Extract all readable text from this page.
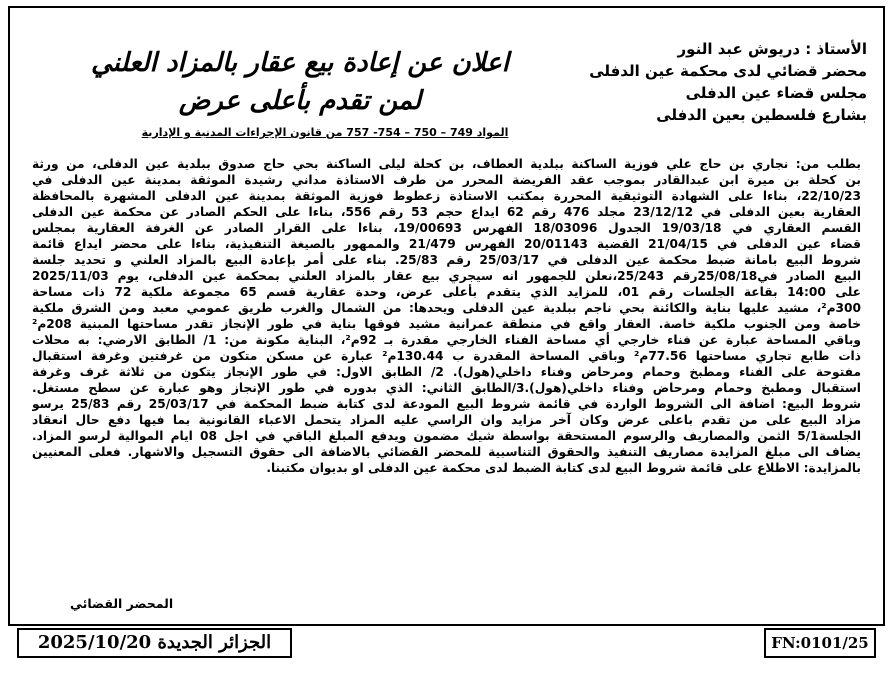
الأستاذ : دريوش عبد النور
محضر قضائي لدى محكمة عين الدفلى
مجلس قضاء عين الدفلى
بشارع فلسطين بعين الدفلى
اعلان عن إعادة بيع عقار بالمزاد العلني
لمن تقدم بأعلى عرض
المواد 749 – 750 – 754- 757 من قانون الإجراءات المدنية و الإدارية
بطلب من: نجاري بن حاج علي فوزية الساكنة ببلدية العطاف، بن كحلة ليلى الساكنة بحي حاج صدوق ببلدية عين الدفلى، من ورثة
بن كحلة بن ميرة ابن عبدالقادر بموجب عقد الفريضة المحرر من طرف الاستاذة مداني رشيدة الموثقة بمدينة عين الدفلى في
22/10/23، بناءا على الشهادة التوثيقية المحررة بمكتب الاستاذة زعطوط فوزية الموثقة بمدينة عين الدفلى المشهرة بالمحافظة
العقارية بعين الدفلى في 23/12/12 مجلد 476 رقم 62 ايداع حجم 53 رقم 556، بناءا على الحكم الصادر عن محكمة عين الدفلى
القسم العقاري في 19/03/18 الجدول 18/03096 الفهرس 19/00693، بناءا على القرار الصادر عن الغرفة العقارية بمجلس
قضاء عين الدفلى في 21/04/15 القضية 20/01143 الفهرس 21/479 والممهور بالصيغة التنفيذية، بناءا على محضر ايداع قائمة
شروط البيع بامانة ضبط محكمة عين الدفلى في 25/03/17 رقم 25/83. بناء على أمر بإعادة البيع بالمزاد العلني و تحديد جلسة
البيع الصادر في25/08/18رقم 25/243،نعلن للجمهور انه سيجري بيع عقار بالمزاد العلني بمحكمة عين الدفلى، يوم 2025/11/03
على 14:00 بقاعة الجلسات رقم 01، للمزايد الذي يتقدم بأعلى عرض، وحدة عقارية قسم 65 مجموعة ملكية 72 ذات مساحة
300م²، مشيد عليها بناية والكائنة بحي ناجم ببلدية عين الدفلى ويحدها: من الشمال والغرب طريق عمومي معبد ومن الشرق ملكية
خاصة ومن الجنوب ملكية خاصة. العقار واقع في منطقة عمرانية مشيد فوقها بناية في طور الإنجاز تقدر مساحتها المبنية 208م²
وباقي المساحة عبارة عن فناء خارجي أي مساحة الفناء الخارجي مقدرة بـ 92م²، البناية مكونة من: 1/ الطابق الارضي: به محلات
ذات طابع تجاري مساحتها 77.56م² وباقي المساحة المقدرة ب 130.44م² عبارة عن مسكن متكون من غرفتين وغرفة استقبال
مفتوحة على الفناء ومطبخ وحمام ومرحاض وفناء داخلي(هول). 2/ الطابق الاول: في طور الإنجاز يتكون من ثلاثة غرف وغرفة
استقبال ومطبخ وحمام ومرحاض وفناء داخلي(هول).3/الطابق الثاني: الذي بدوره في طور الإنجاز وهو عبارة عن سطح مستغل.
شروط البيع: اضافة الى الشروط الواردة في قائمة شروط البيع المودعة لدى كتابة ضبط المحكمة في 25/03/17 رقم 25/83 يرسو
مزاد البيع على من تقدم باعلى عرض وكان آخر مزايد وان الراسي عليه المزاد يتحمل الاعباء القانونية بما فيها دفع حال انعقاد
الجلسة5/1 الثمن والمصاريف والرسوم المستحقة بواسطة شيك مضمون ويدفع المبلغ الباقي في اجل 08 ايام الموالية لرسو المزاد.
يضاف الى مبلغ المزايدة مصاريف التنفيذ والحقوق التناسبية للمحضر القضائي بالاضافة الى حقوق التسجيل والاشهار. فعلى المعنيين
بالمزايدة: الاطلاع على قائمة شروط البيع لدى كتابة الضبط لدى محكمة عين الدفلى او بديوان مكتبنا.
المحضر القضائي
الجزائر الجديدة 2025/10/20	FN:0101/25
